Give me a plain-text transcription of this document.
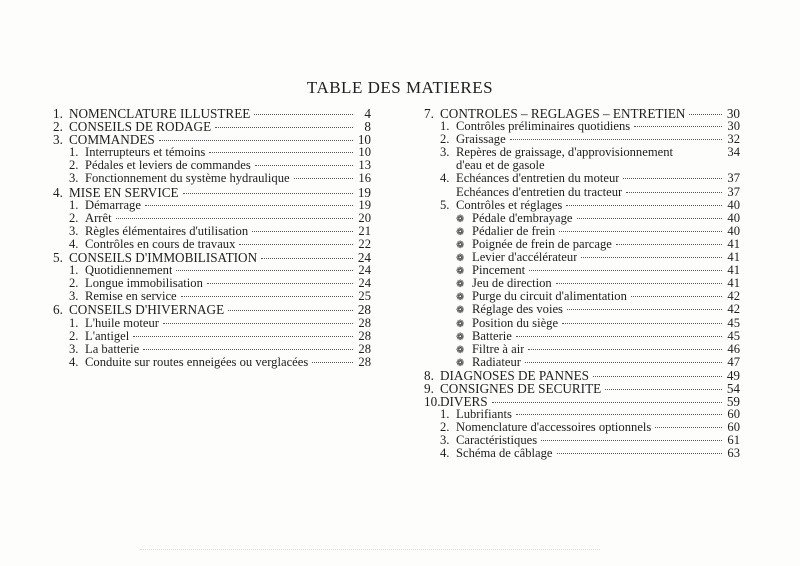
TABLE DES MATIERES
1. NOMENCLATURE ILLUSTREE	4
2. CONSEILS DE RODAGE	8
3. COMMANDES	10
1. Interrupteurs et témoins	10
2. Pédales et leviers de commandes	13
3. Fonctionnement du système hydraulique	16
4. MISE EN SERVICE	19
1. Démarrage	19
2. Arrêt	20
3. Règles élémentaires d'utilisation	21
4. Contrôles en cours de travaux	22
5. CONSEILS D'IMMOBILISATION	24
1. Quotidiennement	24
2. Longue immobilisation	24
3. Remise en service	25
6. CONSEILS D'HIVERNAGE	28
1. L'huile moteur	28
2. L'antigel	28
3. La batterie	28
4. Conduite sur routes enneigées ou verglacées	28
7. CONTROLES – REGLAGES – ENTRETIEN	30
1. Contrôles préliminaires quotidiens	30
2. Graissage	32
3. Repères de graissage, d'approvisionnement	34
d'eau et de gasole
4. Echéances d'entretien du moteur	37
Echéances d'entretien du tracteur	37
5. Contrôles et réglages	40
❁ Pédale d'embrayage	40
❁ Pédalier de frein	40
❁ Poignée de frein de parcage	41
❁ Levier d'accélérateur	41
❁ Pincement	41
❁ Jeu de direction	41
❁ Purge du circuit d'alimentation	42
❁ Réglage des voies	42
❁ Position du siège	45
❁ Batterie	45
❁ Filtre à air	46
❁ Radiateur	47
8. DIAGNOSES DE PANNES	49
9. CONSIGNES DE SECURITE	54
10. DIVERS	59
1. Lubrifiants	60
2. Nomenclature d'accessoires optionnels	60
3. Caractéristiques	61
4. Schéma de câblage	63
